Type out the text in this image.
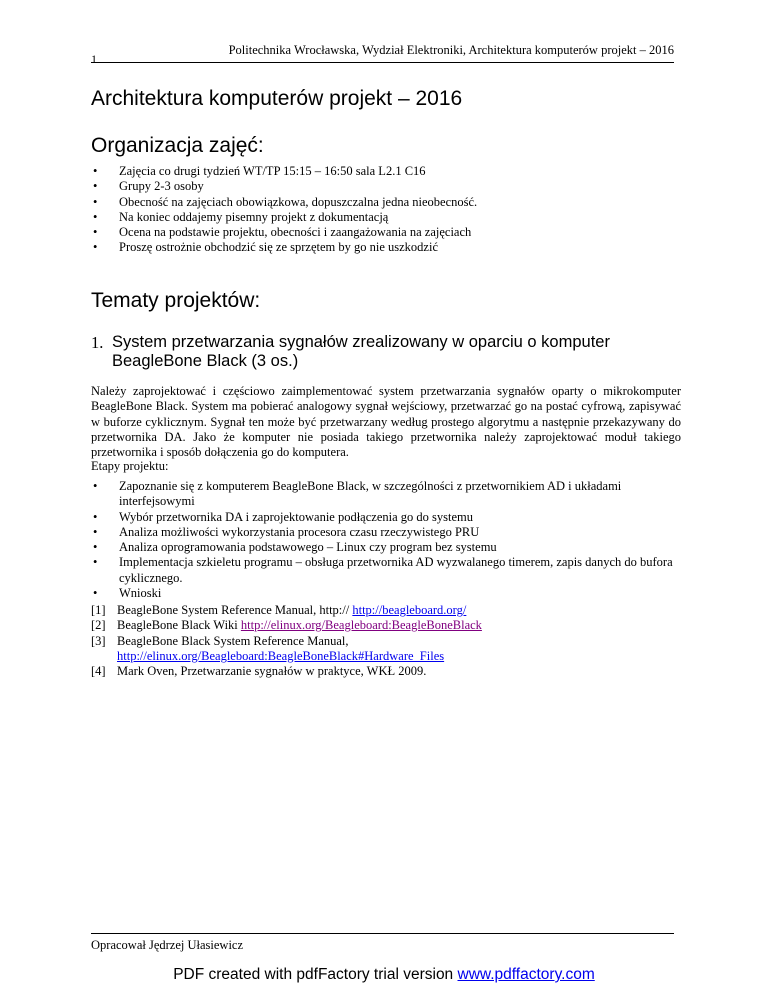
Politechnika Wrocławska, Wydział Elektroniki, Architektura komputerów projekt – 2016
1
Architektura komputerów projekt – 2016
Organizacja zajęć:
• Zajęcia co drugi tydzień WT/TP 15:15 – 16:50 sala L2.1 C16
• Grupy 2-3 osoby
• Obecność na zajęciach obowiązkowa, dopuszczalna jedna nieobecność.
• Na koniec oddajemy pisemny projekt z dokumentacją
• Ocena na podstawie projektu, obecności i zaangażowania na zajęciach
• Proszę ostrożnie obchodzić się ze sprzętem by go nie uszkodzić
Tematy projektów:
1. System przetwarzania sygnałów zrealizowany w oparciu o komputer BeagleBone Black (3 os.)
Należy zaprojektować i częściowo zaimplementować system przetwarzania sygnałów oparty o mikrokomputer BeagleBone Black. System ma pobierać analogowy sygnał wejściowy, przetwarzać go na postać cyfrową, zapisywać w buforze cyklicznym. Sygnał ten może być przetwarzany według prostego algorytmu a następnie przekazywany do przetwornika DA. Jako że komputer nie posiada takiego przetwornika należy zaprojektować moduł takiego przetwornika i sposób dołączenia go do komputera.
Etapy projektu:
• Zapoznanie się z komputerem BeagleBone Black, w szczególności z przetwornikiem AD i układami interfejsowymi
• Wybór przetwornika DA i zaprojektowanie podłączenia go do systemu
• Analiza możliwości wykorzystania procesora czasu rzeczywistego PRU
• Analiza oprogramowania podstawowego – Linux czy program bez systemu
• Implementacja szkieletu programu – obsługa przetwornika AD wyzwalanego timerem, zapis danych do bufora cyklicznego.
• Wnioski
[1] BeagleBone System Reference Manual, http:// http://beagleboard.org/
[2] BeagleBone Black Wiki http://elinux.org/Beagleboard:BeagleBoneBlack
[3] BeagleBone Black System Reference Manual,
http://elinux.org/Beagleboard:BeagleBoneBlack#Hardware_Files
[4] Mark Oven, Przetwarzanie sygnałów w praktyce, WKŁ 2009.
Opracował Jędrzej Ułasiewicz
PDF created with pdfFactory trial version www.pdffactory.com
